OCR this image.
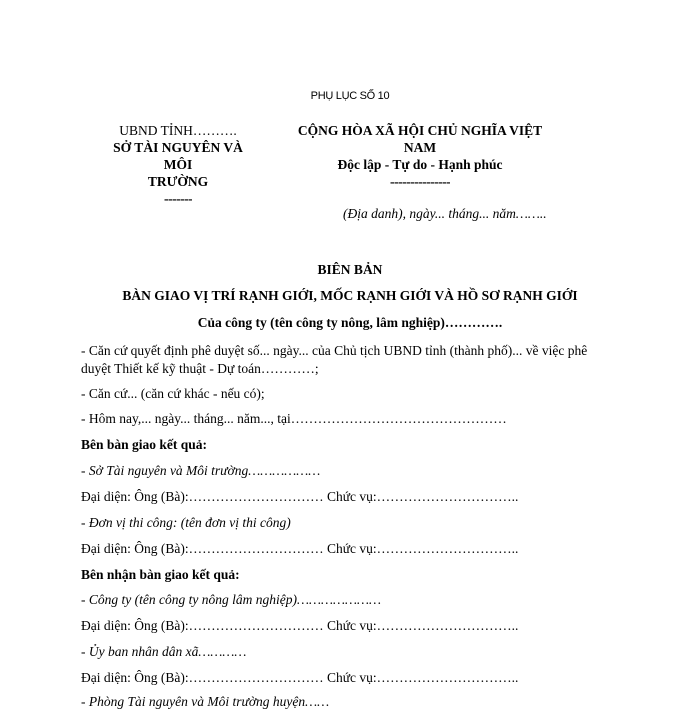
PHỤ LỤC SỐ 10
UBND TỈNH……….
SỞ TÀI NGUYÊN VÀ MÔI
TRƯỜNG
-------
CỘNG HÒA XÃ HỘI CHỦ NGHĨA VIỆT
NAM
Độc lập - Tự do - Hạnh phúc
---------------
(Địa danh), ngày... tháng... năm……..
BIÊN BẢN
BÀN GIAO VỊ TRÍ RẠNH GIỚI, MỐC RẠNH GIỚI VÀ HỒ SƠ RẠNH GIỚI
Của công ty (tên công ty nông, lâm nghiệp)………….
- Căn cứ quyết định phê duyệt số... ngày... của Chủ tịch UBND tỉnh (thành phố)... về việc phê
duyệt Thiết kế kỹ thuật - Dự toán…………;
- Căn cứ... (căn cứ khác - nếu có);
- Hôm nay,... ngày... tháng... năm..., tại…………………………………………
Bên bàn giao kết quả:
- Sở Tài nguyên và Môi trường………………
Đại diện: Ông (Bà):………………………… Chức vụ:…………………………..
- Đơn vị thi công: (tên đơn vị thi công)
Đại diện: Ông (Bà):………………………… Chức vụ:…………………………..
Bên nhận bàn giao kết quả:
- Công ty (tên công ty nông lâm nghiệp)…………………
Đại diện: Ông (Bà):………………………… Chức vụ:…………………………..
- Ủy ban nhân dân xã…………
Đại diện: Ông (Bà):………………………… Chức vụ:…………………………..
- Phòng Tài nguyên và Môi trường huyện……
